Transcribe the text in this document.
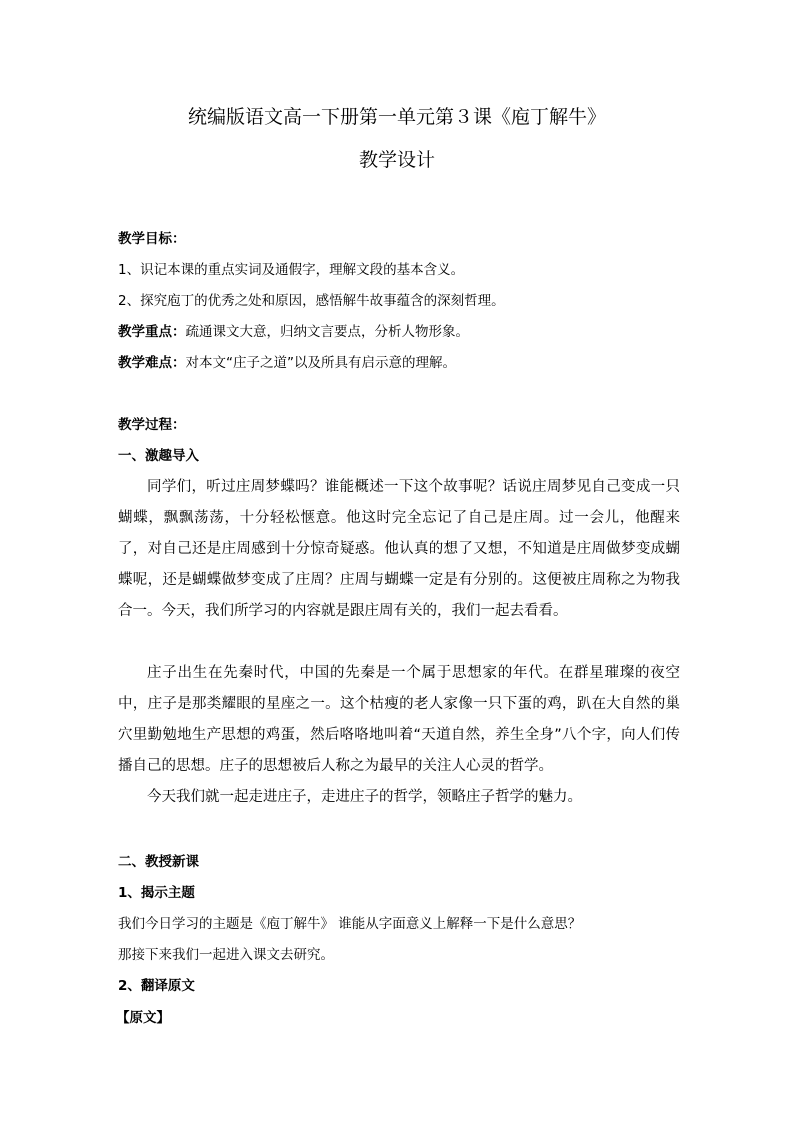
统编版语文高一下册第一单元第３课《庖丁解牛》
教学设计
教学目标：
1、识记本课的重点实词及通假字，理解文段的基本含义。
2、探究庖丁的优秀之处和原因，感悟解牛故事蕴含的深刻哲理。
教学重点：疏通课文大意，归纳文言要点，分析人物形象。
教学难点：对本文“庄子之道”以及所具有启示意的理解。
教学过程：
一、激趣导入
同学们，听过庄周梦蝶吗？谁能概述一下这个故事呢？话说庄周梦见自己变成一只蝴蝶，飘飘荡荡，十分轻松惬意。他这时完全忘记了自己是庄周。过一会儿，他醒来了，对自己还是庄周感到十分惊奇疑惑。他认真的想了又想，不知道是庄周做梦变成蝴蝶呢，还是蝴蝶做梦变成了庄周？庄周与蝴蝶一定是有分别的。这便被庄周称之为物我合一。今天，我们所学习的内容就是跟庄周有关的，我们一起去看看。
庄子出生在先秦时代，中国的先秦是一个属于思想家的年代。在群星璀璨的夜空中，庄子是那类耀眼的星座之一。这个枯瘦的老人家像一只下蛋的鸡，趴在大自然的巢穴里勤勉地生产思想的鸡蛋，然后咯咯地叫着“天道自然，养生全身”八个字，向人们传播自己的思想。庄子的思想被后人称之为最早的关注人心灵的哲学。
今天我们就一起走进庄子，走进庄子的哲学，领略庄子哲学的魅力。
二、教授新课
1、揭示主题
我们今日学习的主题是《庖丁解牛》 谁能从字面意义上解释一下是什么意思？
那接下来我们一起进入课文去研究。
2、翻译原文
【原文】
